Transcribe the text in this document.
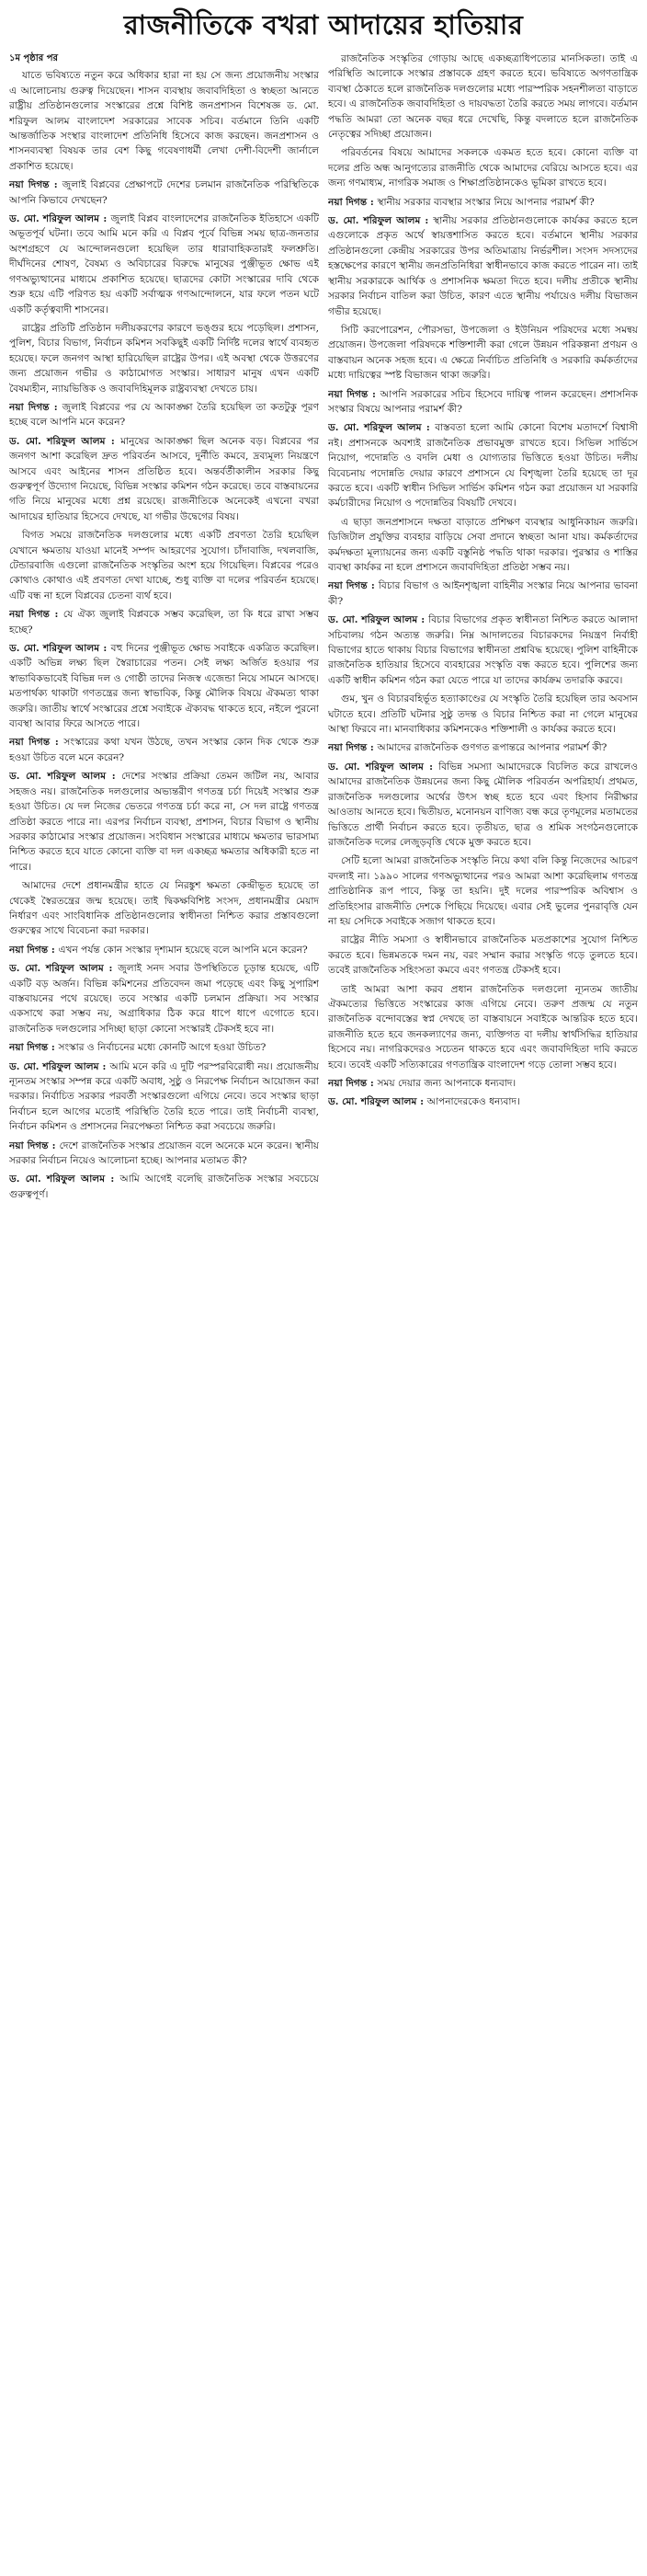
রাজনীতিকে বখরা আদায়ের হাতিয়ার
১ম পৃষ্ঠার পর

যাতে ভবিষ্যতে নতুন করে অধিকার হারা না হয় সে জন্য প্রয়োজনীয় সংস্কার এ আলোচনায় গুরুত্ব দিয়েছেন। শাসন ব্যবস্থায় জবাবদিহিতা ও স্বচ্ছতা আনতে রাষ্ট্রীয় প্রতিষ্ঠানগুলোর সংস্কারের প্রশ্নে বিশিষ্ট জনপ্রশাসন বিশেষজ্ঞ ড. মো. শরিফুল আলম বাংলাদেশ সরকারের সাবেক সচিব। বর্তমানে তিনি একটি আন্তর্জাতিক সংস্থার বাংলাদেশ প্রতিনিধি হিসেবে কাজ করছেন। জনপ্রশাসন ও শাসনব্যবস্থা বিষয়ক তার বেশ কিছু গবেষণাধর্মী লেখা দেশী-বিদেশী জার্নালে প্রকাশিত হয়েছে।

নয়া দিগন্ত : জুলাই বিপ্লবের প্রেক্ষাপটে দেশের চলমান রাজনৈতিক পরিস্থিতিকে আপনি কিভাবে দেখছেন?

ড. মো. শরিফুল আলম : জুলাই বিপ্লব বাংলাদেশের রাজনৈতিক ইতিহাসে একটি অভূতপূর্ব ঘটনা। তবে আমি মনে করি এ বিপ্লব পূর্বে বিভিন্ন সময় ছাত্র-জনতার অংশগ্রহণে যে আন্দোলনগুলো হয়েছিল তার ধারাবাহিকতারই ফলশ্রুতি। দীর্ঘদিনের শোষণ, বৈষম্য ও অবিচারের বিরুদ্ধে মানুষের পুঞ্জীভূত ক্ষোভ এই গণঅভ্যুত্থানের মাধ্যমে প্রকাশিত হয়েছে। ছাত্রদের কোটা সংস্কারের দাবি থেকে শুরু হয়ে এটি পরিণত হয় একটি সর্বাত্মক গণআন্দোলনে, যার ফলে পতন ঘটে একটি কর্তৃত্ববাদী শাসনের।

রাষ্ট্রের প্রতিটি প্রতিষ্ঠান দলীয়করণের কারণে ভঙ্গুর হয়ে পড়েছিল। প্রশাসন, পুলিশ, বিচার বিভাগ, নির্বাচন কমিশন সবকিছুই একটি নির্দিষ্ট দলের স্বার্থে ব্যবহৃত হয়েছে। ফলে জনগণ আস্থা হারিয়েছিল রাষ্ট্রের উপর। এই অবস্থা থেকে উত্তরণের জন্য প্রয়োজন গভীর ও কাঠামোগত সংস্কার। সাধারণ মানুষ এখন একটি বৈষম্যহীন, ন্যায়ভিত্তিক ও জবাবদিহিমূলক রাষ্ট্রব্যবস্থা দেখতে চায়।

নয়া দিগন্ত : জুলাই বিপ্লবের পর যে আকাঙ্ক্ষা তৈরি হয়েছিল তা কতটুকু পূরণ হচ্ছে বলে আপনি মনে করেন?

ড. মো. শরিফুল আলম : মানুষের আকাঙ্ক্ষা ছিল অনেক বড়। বিপ্লবের পর জনগণ আশা করেছিল দ্রুত পরিবর্তন আসবে, দুর্নীতি কমবে, দ্রব্যমূল্য নিয়ন্ত্রণে আসবে এবং আইনের শাসন প্রতিষ্ঠিত হবে। অন্তর্বর্তীকালীন সরকার কিছু গুরুত্বপূর্ণ উদ্যোগ নিয়েছে, বিভিন্ন সংস্কার কমিশন গঠন করেছে। তবে বাস্তবায়নের গতি নিয়ে মানুষের মধ্যে প্রশ্ন রয়েছে। রাজনীতিকে অনেকেই এখনো বখরা আদায়ের হাতিয়ার হিসেবে দেখছে, যা গভীর উদ্বেগের বিষয়।

বিগত সময়ে রাজনৈতিক দলগুলোর মধ্যে একটি প্রবণতা তৈরি হয়েছিল যেখানে ক্ষমতায় যাওয়া মানেই সম্পদ আহরণের সুযোগ। চাঁদাবাজি, দখলবাজি, টেন্ডারবাজি এগুলো রাজনৈতিক সংস্কৃতির অংশ হয়ে গিয়েছিল। বিপ্লবের পরেও কোথাও কোথাও এই প্রবণতা দেখা যাচ্ছে, শুধু ব্যক্তি বা দলের পরিবর্তন হয়েছে। এটি বন্ধ না হলে বিপ্লবের চেতনা ব্যর্থ হবে।

নয়া দিগন্ত : যে ঐক্য জুলাই বিপ্লবকে সম্ভব করেছিল, তা কি ধরে রাখা সম্ভব হচ্ছে?

ড. মো. শরিফুল আলম : বহু দিনের পুঞ্জীভূত ক্ষোভ সবাইকে একত্রিত করেছিল। একটি অভিন্ন লক্ষ্য ছিল স্বৈরাচারের পতন। সেই লক্ষ্য অর্জিত হওয়ার পর স্বাভাবিকভাবেই বিভিন্ন দল ও গোষ্ঠী তাদের নিজস্ব এজেন্ডা নিয়ে সামনে আসছে। মতপার্থক্য থাকাটা গণতন্ত্রের জন্য স্বাভাবিক, কিন্তু মৌলিক বিষয়ে ঐকমত্য থাকা জরুরি। জাতীয় স্বার্থে সংস্কারের প্রশ্নে সবাইকে ঐক্যবদ্ধ থাকতে হবে, নইলে পুরনো ব্যবস্থা আবার ফিরে আসতে পারে।

নয়া দিগন্ত : সংস্কারের কথা যখন উঠছে, তখন সংস্কার কোন দিক থেকে শুরু হওয়া উচিত বলে মনে করেন?

ড. মো. শরিফুল আলম : দেশের সংস্কার প্রক্রিয়া তেমন জটিল নয়, আবার সহজও নয়। রাজনৈতিক দলগুলোর অভ্যন্তরীণ গণতন্ত্র চর্চা দিয়েই সংস্কার শুরু হওয়া উচিত। যে দল নিজের ভেতরে গণতন্ত্র চর্চা করে না, সে দল রাষ্ট্রে গণতন্ত্র প্রতিষ্ঠা করতে পারে না। এরপর নির্বাচন ব্যবস্থা, প্রশাসন, বিচার বিভাগ ও স্থানীয় সরকার কাঠামোর সংস্কার প্রয়োজন। সংবিধান সংস্কারের মাধ্যমে ক্ষমতার ভারসাম্য নিশ্চিত করতে হবে যাতে কোনো ব্যক্তি বা দল একচ্ছত্র ক্ষমতার অধিকারী হতে না পারে।

আমাদের দেশে প্রধানমন্ত্রীর হাতে যে নিরঙ্কুশ ক্ষমতা কেন্দ্রীভূত হয়েছে তা থেকেই স্বৈরতন্ত্রের জন্ম হয়েছে। তাই দ্বিকক্ষবিশিষ্ট সংসদ, প্রধানমন্ত্রীর মেয়াদ নির্ধারণ এবং সাংবিধানিক প্রতিষ্ঠানগুলোর স্বাধীনতা নিশ্চিত করার প্রস্তাবগুলো গুরুত্বের সাথে বিবেচনা করা দরকার।

নয়া দিগন্ত : এখন পর্যন্ত কোন সংস্কার দৃশ্যমান হয়েছে বলে আপনি মনে করেন?

ড. মো. শরিফুল আলম : জুলাই সনদ সবার উপস্থিতিতে চূড়ান্ত হয়েছে, এটি একটি বড় অর্জন। বিভিন্ন কমিশনের প্রতিবেদন জমা পড়েছে এবং কিছু সুপারিশ বাস্তবায়নের পথে রয়েছে। তবে সংস্কার একটি চলমান প্রক্রিয়া। সব সংস্কার একসাথে করা সম্ভব নয়, অগ্রাধিকার ঠিক করে ধাপে ধাপে এগোতে হবে। রাজনৈতিক দলগুলোর সদিচ্ছা ছাড়া কোনো সংস্কারই টেকসই হবে না।

নয়া দিগন্ত : সংস্কার ও নির্বাচনের মধ্যে কোনটি আগে হওয়া উচিত?

ড. মো. শরিফুল আলম : আমি মনে করি এ দুটি পরস্পরবিরোধী নয়। প্রয়োজনীয় ন্যূনতম সংস্কার সম্পন্ন করে একটি অবাধ, সুষ্ঠু ও নিরপেক্ষ নির্বাচন আয়োজন করা দরকার। নির্বাচিত সরকার পরবর্তী সংস্কারগুলো এগিয়ে নেবে। তবে সংস্কার ছাড়া নির্বাচন হলে আগের মতোই পরিস্থিতি তৈরি হতে পারে। তাই নির্বাচনী ব্যবস্থা, নির্বাচন কমিশন ও প্রশাসনের নিরপেক্ষতা নিশ্চিত করা সবচেয়ে জরুরি।

নয়া দিগন্ত : দেশে রাজনৈতিক সংস্কার প্রয়োজন বলে অনেকে মনে করেন। স্থানীয় সরকার নির্বাচন নিয়েও আলোচনা হচ্ছে। আপনার মতামত কী?

ড. মো. শরিফুল আলম : আমি আগেই বলেছি রাজনৈতিক সংস্কার সবচেয়ে গুরুত্বপূর্ণ।

রাজনৈতিক সংস্কৃতির গোড়ায় আছে একচ্ছত্রাধিপত্যের মানসিকতা। তাই এ পরিস্থিতি আলোকে সংস্কার প্রস্তাবকে গ্রহণ করতে হবে। ভবিষ্যতে অগণতান্ত্রিক ব্যবস্থা ঠেকাতে হলে রাজনৈতিক দলগুলোর মধ্যে পারস্পরিক সহনশীলতা বাড়াতে হবে। এ রাজনৈতিক জবাবদিহিতা ও দায়বদ্ধতা তৈরি করতে সময় লাগবে। বর্তমান পদ্ধতি আমরা তো অনেক বছর ধরে দেখেছি, কিন্তু বদলাতে হলে রাজনৈতিক নেতৃত্বের সদিচ্ছা প্রয়োজন।

পরিবর্তনের বিষয়ে আমাদের সকলকে একমত হতে হবে। কোনো ব্যক্তি বা দলের প্রতি অন্ধ আনুগত্যের রাজনীতি থেকে আমাদের বেরিয়ে আসতে হবে। এর জন্য গণমাধ্যম, নাগরিক সমাজ ও শিক্ষাপ্রতিষ্ঠানকেও ভূমিকা রাখতে হবে।

নয়া দিগন্ত : স্থানীয় সরকার ব্যবস্থার সংস্কার নিয়ে আপনার পরামর্শ কী?

ড. মো. শরিফুল আলম : স্থানীয় সরকার প্রতিষ্ঠানগুলোকে কার্যকর করতে হলে এগুলোকে প্রকৃত অর্থে স্বায়ত্তশাসিত করতে হবে। বর্তমানে স্থানীয় সরকার প্রতিষ্ঠানগুলো কেন্দ্রীয় সরকারের উপর অতিমাত্রায় নির্ভরশীল। সংসদ সদস্যদের হস্তক্ষেপের কারণে স্থানীয় জনপ্রতিনিধিরা স্বাধীনভাবে কাজ করতে পারেন না। তাই স্থানীয় সরকারকে আর্থিক ও প্রশাসনিক ক্ষমতা দিতে হবে। দলীয় প্রতীকে স্থানীয় সরকার নির্বাচন বাতিল করা উচিত, কারণ এতে স্থানীয় পর্যায়েও দলীয় বিভাজন গভীর হয়েছে।

সিটি করপোরেশন, পৌরসভা, উপজেলা ও ইউনিয়ন পরিষদের মধ্যে সমন্বয় প্রয়োজন। উপজেলা পরিষদকে শক্তিশালী করা গেলে উন্নয়ন পরিকল্পনা প্রণয়ন ও বাস্তবায়ন অনেক সহজ হবে। এ ক্ষেত্রে নির্বাচিত প্রতিনিধি ও সরকারি কর্মকর্তাদের মধ্যে দায়িত্বের স্পষ্ট বিভাজন থাকা জরুরি।

নয়া দিগন্ত : আপনি সরকারের সচিব হিসেবে দায়িত্ব পালন করেছেন। প্রশাসনিক সংস্কার বিষয়ে আপনার পরামর্শ কী?

ড. মো. শরিফুল আলম : বাস্তবতা হলো আমি কোনো বিশেষ মতাদর্শে বিশ্বাসী নই। প্রশাসনকে অবশ্যই রাজনৈতিক প্রভাবমুক্ত রাখতে হবে। সিভিল সার্ভিসে নিয়োগ, পদোন্নতি ও বদলি মেধা ও যোগ্যতার ভিত্তিতে হওয়া উচিত। দলীয় বিবেচনায় পদোন্নতি দেয়ার কারণে প্রশাসনে যে বিশৃঙ্খলা তৈরি হয়েছে তা দূর করতে হবে। একটি স্বাধীন সিভিল সার্ভিস কমিশন গঠন করা প্রয়োজন যা সরকারি কর্মচারীদের নিয়োগ ও পদোন্নতির বিষয়টি দেখবে।

এ ছাড়া জনপ্রশাসনে দক্ষতা বাড়াতে প্রশিক্ষণ ব্যবস্থার আধুনিকায়ন জরুরি। ডিজিটাল প্রযুক্তির ব্যবহার বাড়িয়ে সেবা প্রদানে স্বচ্ছতা আনা যায়। কর্মকর্তাদের কর্মদক্ষতা মূল্যায়নের জন্য একটি বস্তুনিষ্ঠ পদ্ধতি থাকা দরকার। পুরস্কার ও শাস্তির ব্যবস্থা কার্যকর না হলে প্রশাসনে জবাবদিহিতা প্রতিষ্ঠা সম্ভব নয়।

নয়া দিগন্ত : বিচার বিভাগ ও আইনশৃঙ্খলা বাহিনীর সংস্কার নিয়ে আপনার ভাবনা কী?

ড. মো. শরিফুল আলম : বিচার বিভাগের প্রকৃত স্বাধীনতা নিশ্চিত করতে আলাদা সচিবালয় গঠন অত্যন্ত জরুরি। নিম্ন আদালতের বিচারকদের নিয়ন্ত্রণ নির্বাহী বিভাগের হাতে থাকায় বিচার বিভাগের স্বাধীনতা প্রশ্নবিদ্ধ হয়েছে। পুলিশ বাহিনীকে রাজনৈতিক হাতিয়ার হিসেবে ব্যবহারের সংস্কৃতি বন্ধ করতে হবে। পুলিশের জন্য একটি স্বাধীন কমিশন গঠন করা যেতে পারে যা তাদের কার্যক্রম তদারকি করবে।

গুম, খুন ও বিচারবহির্ভূত হত্যাকাণ্ডের যে সংস্কৃতি তৈরি হয়েছিল তার অবসান ঘটাতে হবে। প্রতিটি ঘটনার সুষ্ঠু তদন্ত ও বিচার নিশ্চিত করা না গেলে মানুষের আস্থা ফিরবে না। মানবাধিকার কমিশনকেও শক্তিশালী ও কার্যকর করতে হবে।

নয়া দিগন্ত : আমাদের রাজনৈতিক গুণগত রূপান্তরে আপনার পরামর্শ কী?

ড. মো. শরিফুল আলম : বিভিন্ন সমস্যা আমাদেরকে বিচলিত করে রাখলেও আমাদের রাজনৈতিক উন্নয়নের জন্য কিছু মৌলিক পরিবর্তন অপরিহার্য। প্রথমত, রাজনৈতিক দলগুলোর অর্থের উৎস স্বচ্ছ হতে হবে এবং হিসাব নিরীক্ষার আওতায় আনতে হবে। দ্বিতীয়ত, মনোনয়ন বাণিজ্য বন্ধ করে তৃণমূলের মতামতের ভিত্তিতে প্রার্থী নির্বাচন করতে হবে। তৃতীয়ত, ছাত্র ও শ্রমিক সংগঠনগুলোকে রাজনৈতিক দলের লেজুড়বৃত্তি থেকে মুক্ত করতে হবে।

সেটি হলো আমরা রাজনৈতিক সংস্কৃতি নিয়ে কথা বলি কিন্তু নিজেদের আচরণ বদলাই না। ১৯৯০ সালের গণঅভ্যুত্থানের পরও আমরা আশা করেছিলাম গণতন্ত্র প্রাতিষ্ঠানিক রূপ পাবে, কিন্তু তা হয়নি। দুই দলের পারস্পরিক অবিশ্বাস ও প্রতিহিংসার রাজনীতি দেশকে পিছিয়ে দিয়েছে। এবার সেই ভুলের পুনরাবৃত্তি যেন না হয় সেদিকে সবাইকে সজাগ থাকতে হবে।

রাষ্ট্রের নীতি সমস্যা ও স্বাধীনভাবে রাজনৈতিক মতপ্রকাশের সুযোগ নিশ্চিত করতে হবে। ভিন্নমতকে দমন নয়, বরং সম্মান করার সংস্কৃতি গড়ে তুলতে হবে। তবেই রাজনৈতিক সহিংসতা কমবে এবং গণতন্ত্র টেকসই হবে।

তাই আমরা আশা করব প্রধান রাজনৈতিক দলগুলো ন্যূনতম জাতীয় ঐকমত্যের ভিত্তিতে সংস্কারের কাজ এগিয়ে নেবে। তরুণ প্রজন্ম যে নতুন রাজনৈতিক বন্দোবস্তের স্বপ্ন দেখছে তা বাস্তবায়নে সবাইকে আন্তরিক হতে হবে। রাজনীতি হতে হবে জনকল্যাণের জন্য, ব্যক্তিগত বা দলীয় স্বার্থসিদ্ধির হাতিয়ার হিসেবে নয়। নাগরিকদেরও সচেতন থাকতে হবে এবং জবাবদিহিতা দাবি করতে হবে। তবেই একটি সত্যিকারের গণতান্ত্রিক বাংলাদেশ গড়ে তোলা সম্ভব হবে।

নয়া দিগন্ত : সময় দেয়ার জন্য আপনাকে ধন্যবাদ।

ড. মো. শরিফুল আলম : আপনাদেরকেও ধন্যবাদ।
